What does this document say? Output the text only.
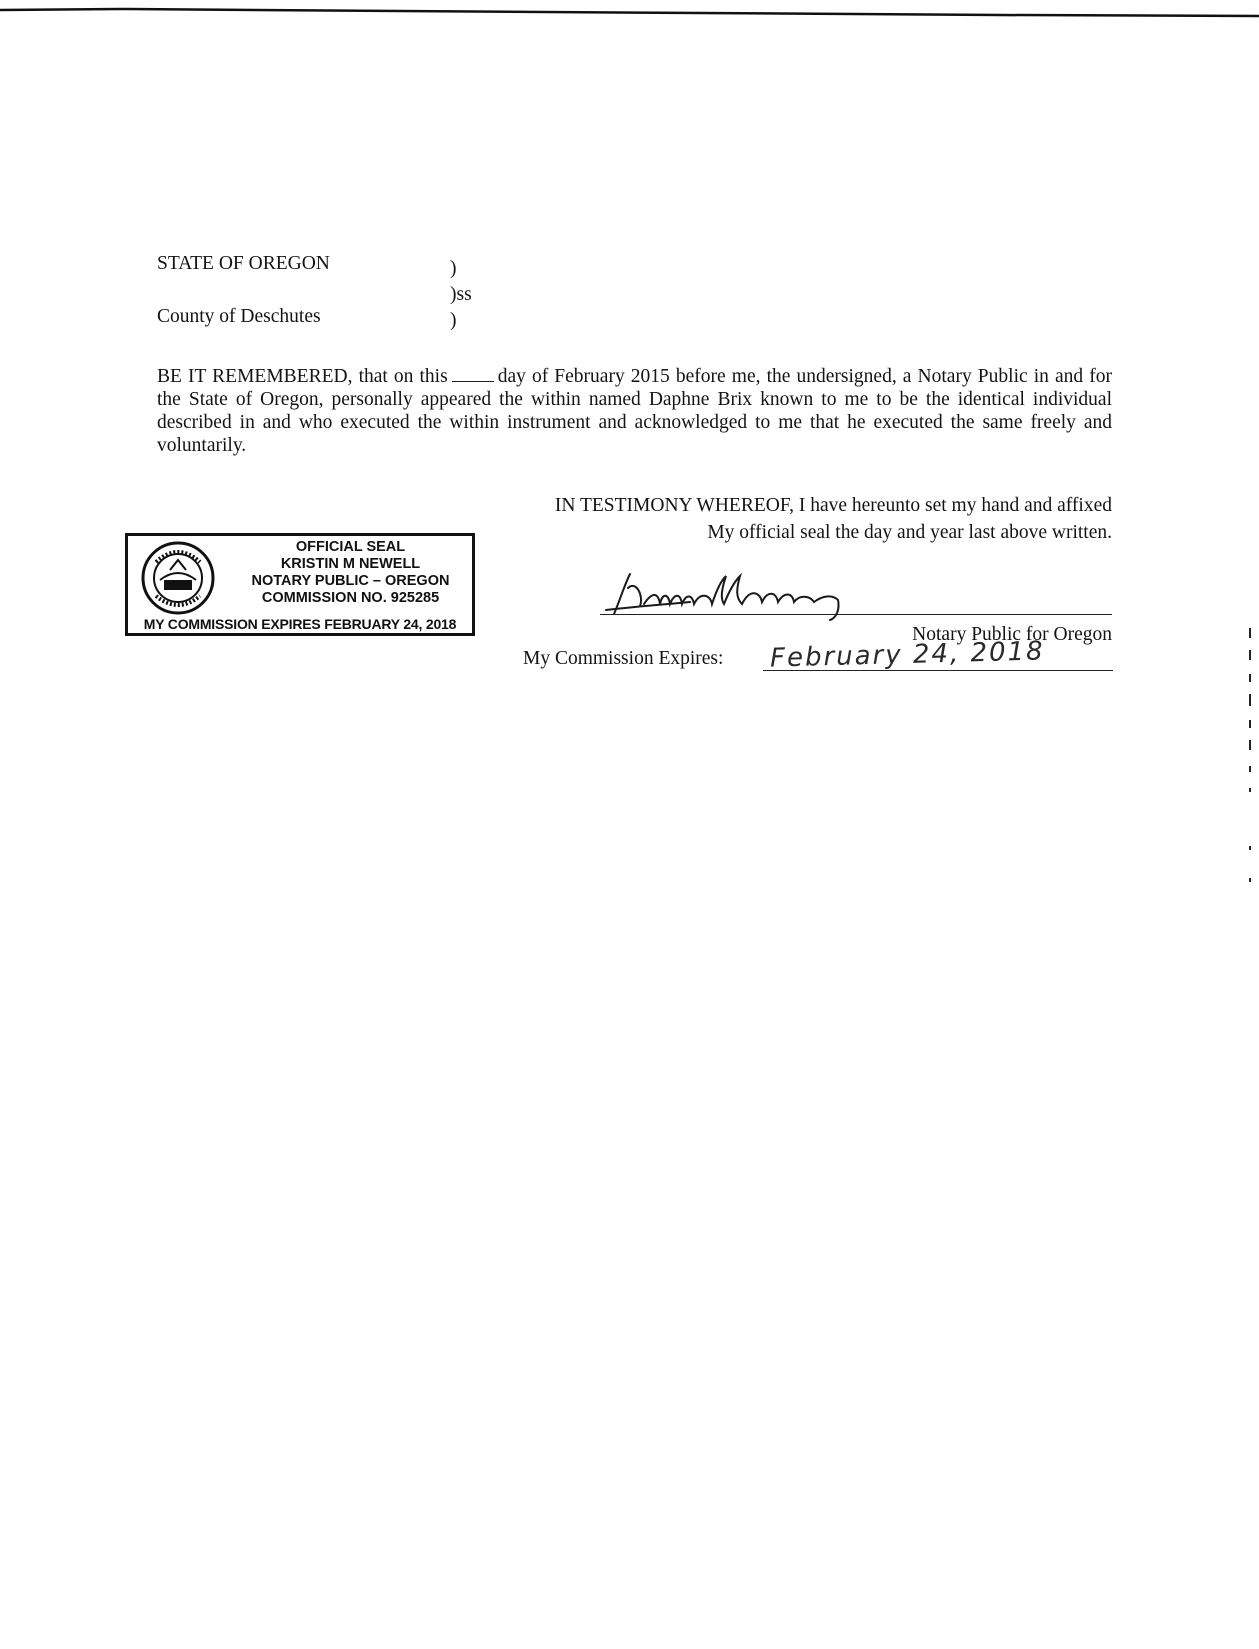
STATE OF OREGON
County of Deschutes
)
)ss
)
BE IT REMEMBERED, that on this	day of February 2015 before me, the undersigned, a Notary Public in and for the State of Oregon, personally appeared the within named Daphne Brix known to me to be the identical individual described in and who executed the within instrument and acknowledged to me that he executed the same freely and voluntarily.
IN TESTIMONY WHEREOF, I have hereunto set my hand and affixed
My official seal the day and year last above written.
Notary Public for Oregon
My Commission Expires: February 24, 2018
OFFICIAL SEAL
KRISTIN M NEWELL
NOTARY PUBLIC – OREGON
COMMISSION NO. 925285
MY COMMISSION EXPIRES FEBRUARY 24, 2018
